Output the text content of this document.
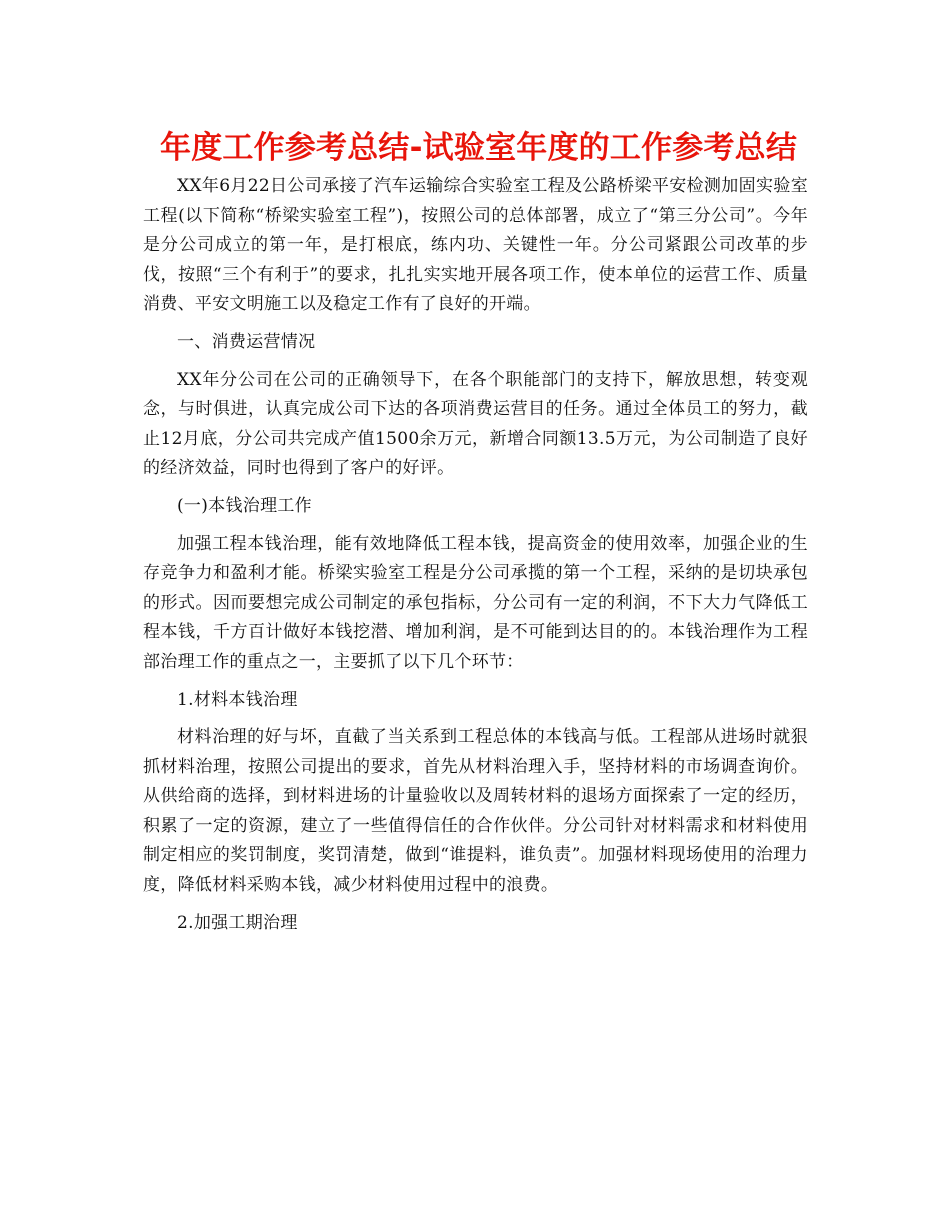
年度工作参考总结-试验室年度的工作参考总结

XX年6月22日公司承接了汽车运输综合实验室工程及公路桥梁平安检测加固实验室工程(以下简称“桥梁实验室工程”)，按照公司的总体部署，成立了“第三分公司”。今年是分公司成立的第一年，是打根底，练内功、关键性一年。分公司紧跟公司改革的步伐，按照“三个有利于”的要求，扎扎实实地开展各项工作，使本单位的运营工作、质量消费、平安文明施工以及稳定工作有了良好的开端。

一、消费运营情况

XX年分公司在公司的正确领导下，在各个职能部门的支持下，解放思想，转变观念，与时俱进，认真完成公司下达的各项消费运营目的任务。通过全体员工的努力，截止12月底，分公司共完成产值1500余万元，新增合同额13.5万元，为公司制造了良好的经济效益，同时也得到了客户的好评。

(一)本钱治理工作

加强工程本钱治理，能有效地降低工程本钱，提高资金的使用效率，加强企业的生存竞争力和盈利才能。桥梁实验室工程是分公司承揽的第一个工程，采纳的是切块承包的形式。因而要想完成公司制定的承包指标，分公司有一定的利润，不下大力气降低工程本钱，千方百计做好本钱挖潜、增加利润，是不可能到达目的的。本钱治理作为工程部治理工作的重点之一，主要抓了以下几个环节：

1.材料本钱治理

材料治理的好与坏，直截了当关系到工程总体的本钱高与低。工程部从进场时就狠抓材料治理，按照公司提出的要求，首先从材料治理入手，坚持材料的市场调查询价。从供给商的选择，到材料进场的计量验收以及周转材料的退场方面探索了一定的经历，积累了一定的资源，建立了一些值得信任的合作伙伴。分公司针对材料需求和材料使用制定相应的奖罚制度，奖罚清楚，做到“谁提料，谁负责”。加强材料现场使用的治理力度，降低材料采购本钱，减少材料使用过程中的浪费。

2.加强工期治理
